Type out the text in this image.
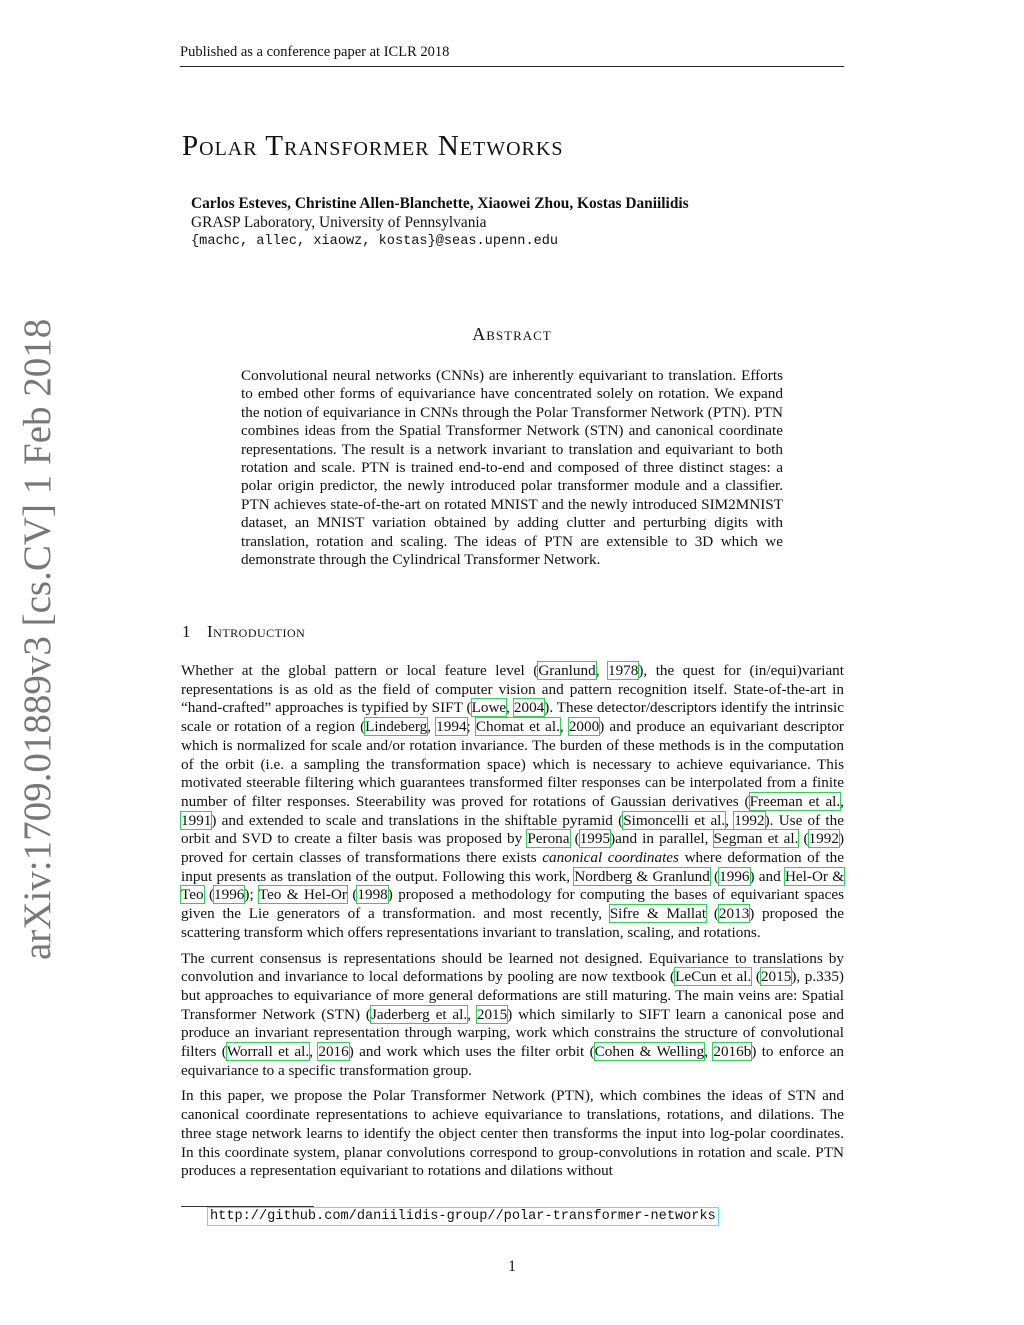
Published as a conference paper at ICLR 2018
arXiv:1709.01889v3 [cs.CV] 1 Feb 2018
Polar Transformer Networks
Carlos Esteves, Christine Allen-Blanchette, Xiaowei Zhou, Kostas Daniilidis
GRASP Laboratory, University of Pennsylvania
{machc, allec, xiaowz, kostas}@seas.upenn.edu
Abstract
Convolutional neural networks (CNNs) are inherently equivariant to translation. Efforts to embed other forms of equivariance have concentrated solely on rotation. We expand the notion of equivariance in CNNs through the Polar Transformer Network (PTN). PTN combines ideas from the Spatial Transformer Network (STN) and canonical coordinate representations. The result is a network invariant to translation and equivariant to both rotation and scale. PTN is trained end-to-end and composed of three distinct stages: a polar origin predictor, the newly introduced polar transformer module and a classifier. PTN achieves state-of-the-art on rotated MNIST and the newly introduced SIM2MNIST dataset, an MNIST variation obtained by adding clutter and perturbing digits with translation, rotation and scaling. The ideas of PTN are extensible to 3D which we demonstrate through the Cylindrical Transformer Network.
1 Introduction

Whether at the global pattern or local feature level (Granlund, 1978), the quest for (in/equi)variant representations is as old as the field of computer vision and pattern recognition itself. State-of-the-art in “hand-crafted” approaches is typified by SIFT (Lowe, 2004). These detector/descriptors identify the intrinsic scale or rotation of a region (Lindeberg, 1994; Chomat et al., 2000) and produce an equivariant descriptor which is normalized for scale and/or rotation invariance. The burden of these methods is in the computation of the orbit (i.e. a sampling the transformation space) which is necessary to achieve equivariance. This motivated steerable filtering which guarantees transformed filter responses can be interpolated from a finite number of filter responses. Steerability was proved for rotations of Gaussian derivatives (Freeman et al., 1991) and extended to scale and translations in the shiftable pyramid (Simoncelli et al., 1992). Use of the orbit and SVD to create a filter basis was proposed by Perona (1995)and in parallel, Segman et al. (1992) proved for certain classes of transformations there exists canonical coordinates where deformation of the input presents as translation of the output. Following this work, Nordberg & Granlund (1996) and Hel-Or & Teo (1996); Teo & Hel-Or (1998) proposed a methodology for computing the bases of equivariant spaces given the Lie generators of a transformation. and most recently, Sifre & Mallat (2013) proposed the scattering transform which offers representations invariant to translation, scaling, and rotations.

The current consensus is representations should be learned not designed. Equivariance to translations by convolution and invariance to local deformations by pooling are now textbook (LeCun et al. (2015), p.335) but approaches to equivariance of more general deformations are still maturing. The main veins are: Spatial Transformer Network (STN) (Jaderberg et al., 2015) which similarly to SIFT learn a canonical pose and produce an invariant representation through warping, work which constrains the structure of convolutional filters (Worrall et al., 2016) and work which uses the filter orbit (Cohen & Welling, 2016b) to enforce an equivariance to a specific transformation group.

In this paper, we propose the Polar Transformer Network (PTN), which combines the ideas of STN and canonical coordinate representations to achieve equivariance to translations, rotations, and dilations. The three stage network learns to identify the object center then transforms the input into log-polar coordinates. In this coordinate system, planar convolutions correspond to group-convolutions in rotation and scale. PTN produces a representation equivariant to rotations and dilations without

http://github.com/daniilidis-group//polar-transformer-networks
1
